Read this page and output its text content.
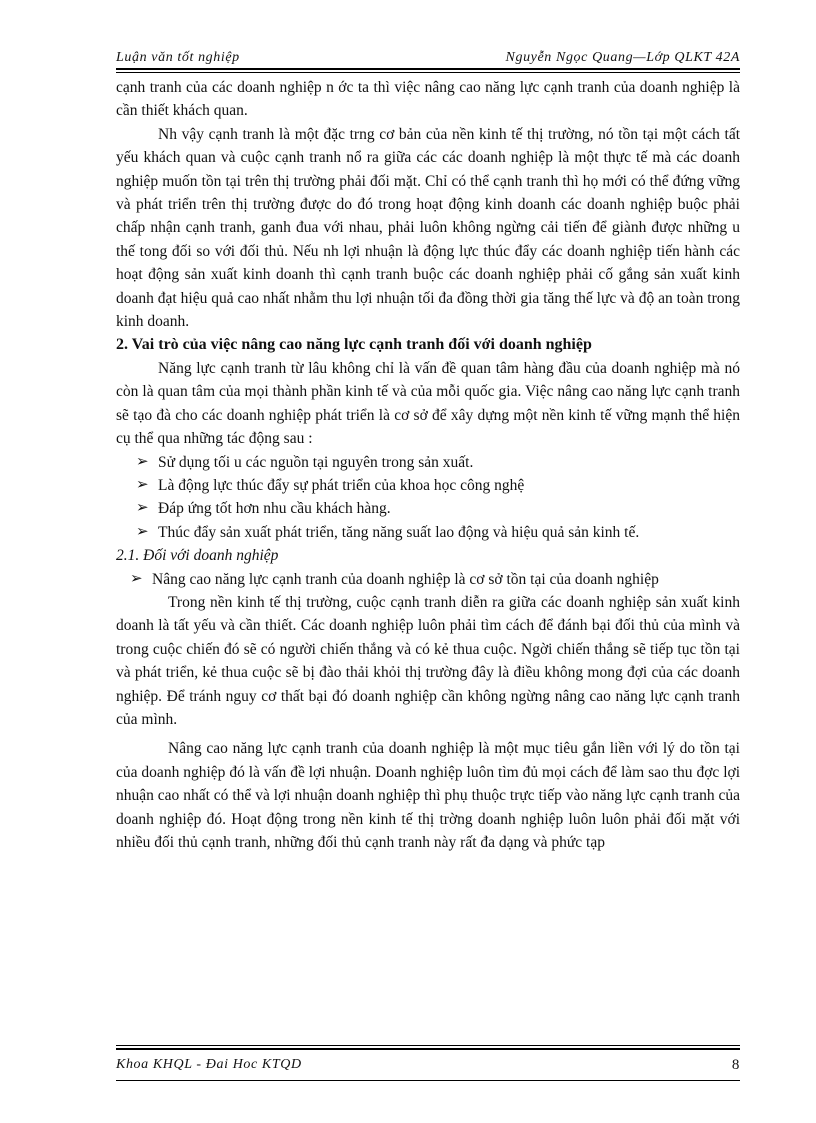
Luận văn tốt nghiệp	Nguyễn Ngọc Quang—Lớp QLKT 42A

cạnh tranh của các doanh nghiệp n ớc ta thì việc nâng cao năng lực cạnh tranh của doanh nghiệp là cần thiết khách quan.

Nh vậy cạnh tranh là một đặc trng cơ bản của nền kinh tế thị trường, nó tồn tại một cách tất yếu khách quan và cuộc cạnh tranh nổ ra giữa các các doanh nghiệp là một thực tế mà các doanh nghiệp muốn tồn tại trên thị trường phải đối mặt. Chỉ có thể cạnh tranh thì họ mới có thể đứng vững và phát triển trên thị trường được do đó trong hoạt động kinh doanh các doanh nghiệp buộc phải chấp nhận cạnh tranh, ganh đua với nhau, phải luôn không ngừng cải tiến để giành được những u thế tong đối so với đối thủ. Nếu nh lợi nhuận là động lực thúc đẩy các doanh nghiệp tiến hành các hoạt động sản xuất kinh doanh thì cạnh tranh buộc các doanh nghiệp phải cố gắng sản xuất kinh doanh đạt hiệu quả cao nhất nhằm thu lợi nhuận tối đa đồng thời gia tăng thế lực và độ an toàn trong kinh doanh.

2. Vai trò của việc nâng cao năng lực cạnh tranh đối với doanh nghiệp

Năng lực cạnh tranh từ lâu không chỉ là vấn đề quan tâm hàng đầu của doanh nghiệp mà nó còn là quan tâm của mọi thành phần kinh tế và của mỗi quốc gia. Việc nâng cao năng lực cạnh tranh sẽ tạo đà cho các doanh nghiệp phát triển là cơ sở để xây dựng một nền kinh tế vững mạnh thể hiện cụ thể qua những tác động sau :

➢ Sử dụng tối u các nguồn tại nguyên trong sản xuất.
➢ Là động lực thúc đẩy sự phát triển của khoa học công nghệ
➢ Đáp ứng tốt hơn nhu cầu khách hàng.
➢ Thúc đẩy sản xuất phát triển, tăng năng suất lao động và hiệu quả sản kinh tế.

2.1. Đối với doanh nghiệp

➢ Nâng cao năng lực cạnh tranh của doanh nghiệp là cơ sở tồn tại của doanh nghiệp

Trong nền kinh tế thị trường, cuộc cạnh tranh diễn ra giữa các doanh nghiệp sản xuất kinh doanh là tất yếu và cần thiết. Các doanh nghiệp luôn phải tìm cách để đánh bại đối thủ của mình và trong cuộc chiến đó sẽ có người chiến thắng và có kẻ thua cuộc. Ngời chiến thắng sẽ tiếp tục tồn tại và phát triển, kẻ thua cuộc sẽ bị đào thải khỏi thị trường đây là điều không mong đợi của các doanh nghiệp. Để tránh nguy cơ thất bại đó doanh nghiệp cần không ngừng nâng cao năng lực cạnh tranh của mình.

Nâng cao năng lực cạnh tranh của doanh nghiệp là một mục tiêu gắn liền với lý do tồn tại của doanh nghiệp đó là vấn đề lợi nhuận. Doanh nghiệp luôn tìm đủ mọi cách để làm sao thu đợc lợi nhuận cao nhất có thể và lợi nhuận doanh nghiệp thì phụ thuộc trực tiếp vào năng lực cạnh tranh của doanh nghiệp đó. Hoạt động trong nền kinh tế thị trờng doanh nghiệp luôn luôn phải đối mặt với nhiều đối thủ cạnh tranh, những đối thủ cạnh tranh này rất đa dạng và phức tạp

Khoa KHQL - Đai Hoc KTQD	8
